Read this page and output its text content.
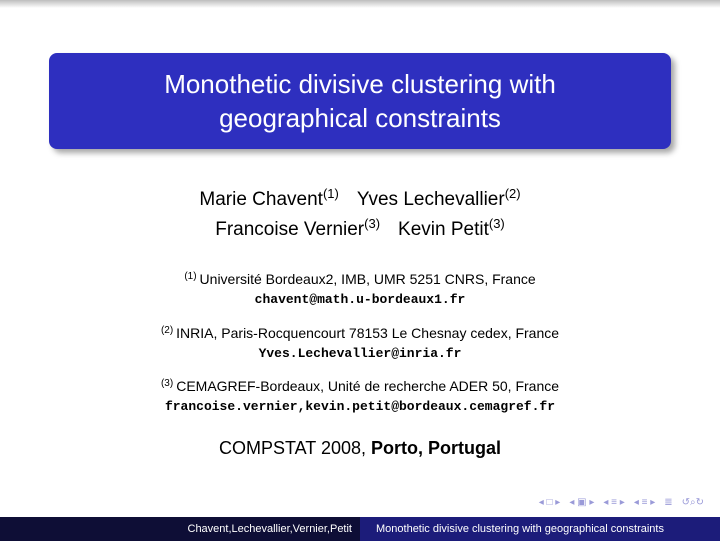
Monothetic divisive clustering with
geographical constraints
Marie Chavent$^{(1)}$ Yves Lechevallier$^{(2)}$
Francoise Vernier$^{(3)}$ Kevin Petit$^{(3)}$
$^{(1)}$ Université Bordeaux2, IMB, UMR 5251 CNRS, France
chavent@math.u-bordeaux1.fr
$^{(2)}$ INRIA, Paris-Rocquencourt 78153 Le Chesnay cedex, France
Yves.Lechevallier@inria.fr
$^{(3)}$ CEMAGREF-Bordeaux, Unité de recherche ADER 50, France
francoise.vernier,kevin.petit@bordeaux.cemagref.fr
COMPSTAT 2008, Porto, Portugal
◂ □ ▸ ◂ ▣ ▸ ◂ ≡ ▸ ◂ ≡ ▸ ≣ ↺⌕↻
Chavent,Lechevallier,Vernier,Petit	Monothetic divisive clustering with geographical constraints
